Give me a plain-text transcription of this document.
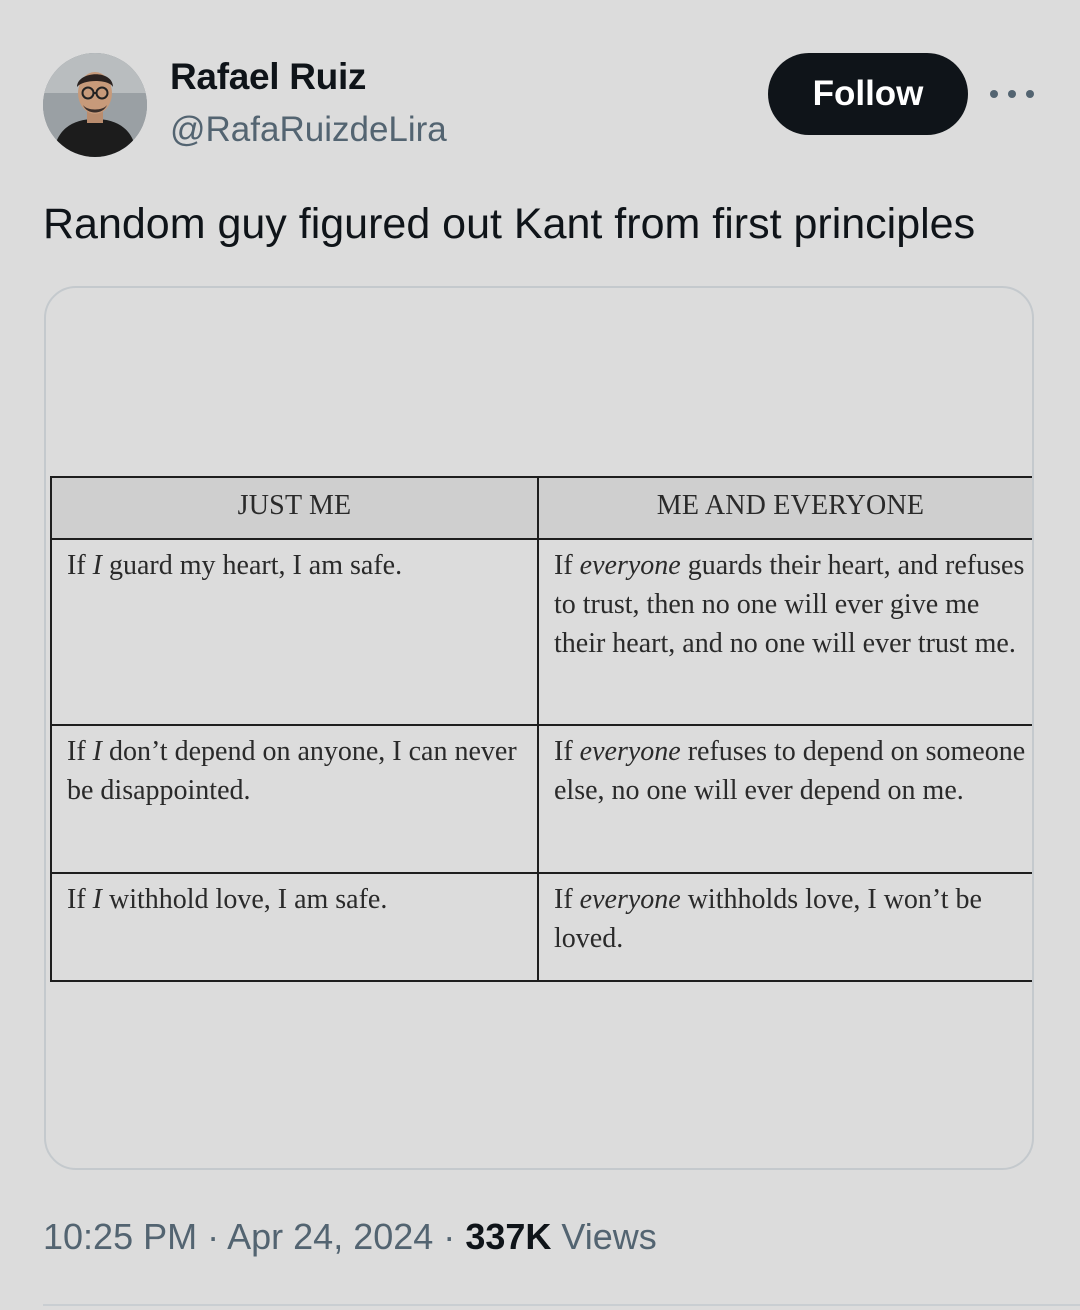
Rafael Ruiz
@RafaRuizdeLira
Follow
Random guy figured out Kant from first principles
JUST ME	ME AND EVERYONE
If I guard my heart, I am safe.	If everyone guards their heart, and refuses to trust, then no one will ever give me their heart, and no one will ever trust me.
If I don’t depend on anyone, I can never be disappointed.	If everyone refuses to depend on someone else, no one will ever depend on me.
If I withhold love, I am safe.	If everyone withholds love, I won’t be loved.
10:25 PM · Apr 24, 2024 · 337K Views
